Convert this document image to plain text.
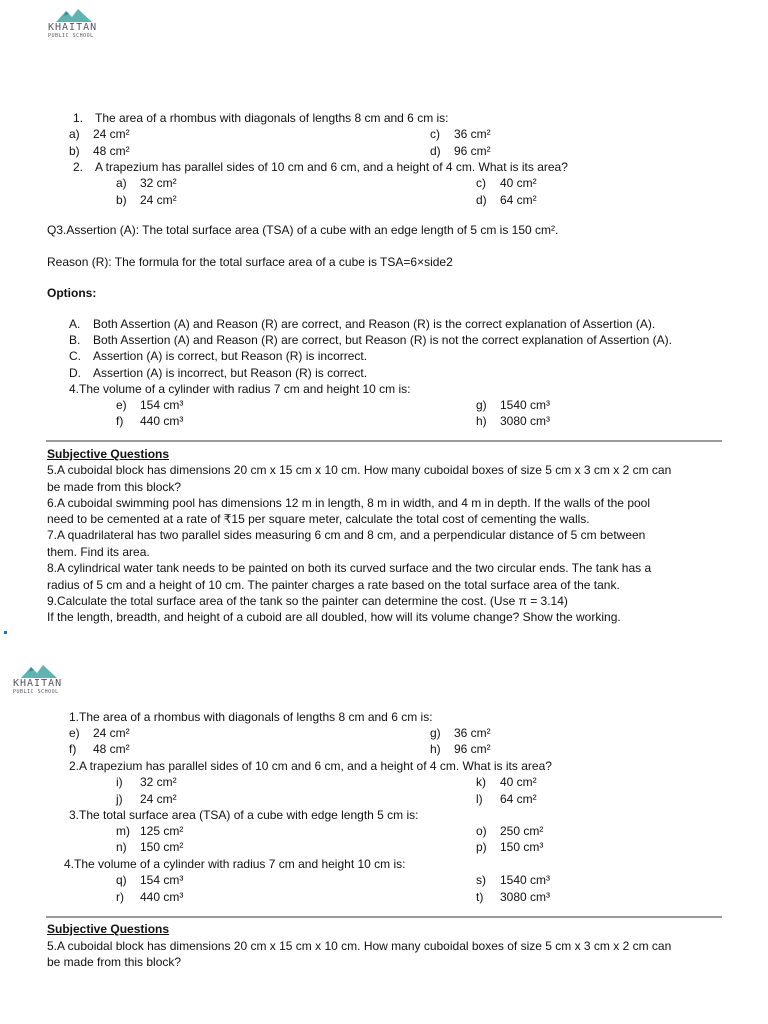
KHAITAN
PUBLIC SCHOOL
1. The area of a rhombus with diagonals of lengths 8 cm and 6 cm is:
a) 24 cm²	c) 36 cm²
b) 48 cm²	d) 96 cm²
2. A trapezium has parallel sides of 10 cm and 6 cm, and a height of 4 cm. What is its area?
a) 32 cm²	c) 40 cm²
b) 24 cm²	d) 64 cm²
Q3.Assertion (A): The total surface area (TSA) of a cube with an edge length of 5 cm is 150 cm².
Reason (R): The formula for the total surface area of a cube is TSA=6×side2
Options:
A. Both Assertion (A) and Reason (R) are correct, and Reason (R) is the correct explanation of Assertion (A).
B. Both Assertion (A) and Reason (R) are correct, but Reason (R) is not the correct explanation of Assertion (A).
C. Assertion (A) is correct, but Reason (R) is incorrect.
D. Assertion (A) is incorrect, but Reason (R) is correct.
4.The volume of a cylinder with radius 7 cm and height 10 cm is:
e) 154 cm³	g) 1540 cm³
f) 440 cm³	h) 3080 cm³
Subjective Questions
5.A cuboidal block has dimensions 20 cm x 15 cm x 10 cm. How many cuboidal boxes of size 5 cm x 3 cm x 2 cm can
be made from this block?
6.A cuboidal swimming pool has dimensions 12 m in length, 8 m in width, and 4 m in depth. If the walls of the pool
need to be cemented at a rate of ₹15 per square meter, calculate the total cost of cementing the walls.
7.A quadrilateral has two parallel sides measuring 6 cm and 8 cm, and a perpendicular distance of 5 cm between
them. Find its area.
8.A cylindrical water tank needs to be painted on both its curved surface and the two circular ends. The tank has a
radius of 5 cm and a height of 10 cm. The painter charges a rate based on the total surface area of the tank.
9.Calculate the total surface area of the tank so the painter can determine the cost. (Use π = 3.14)
If the length, breadth, and height of a cuboid are all doubled, how will its volume change? Show the working.
KHAITAN
PUBLIC SCHOOL
1.The area of a rhombus with diagonals of lengths 8 cm and 6 cm is:
e) 24 cm²	g) 36 cm²
f) 48 cm²	h) 96 cm²
2.A trapezium has parallel sides of 10 cm and 6 cm, and a height of 4 cm. What is its area?
i) 32 cm²	k) 40 cm²
j) 24 cm²	l) 64 cm²
3.The total surface area (TSA) of a cube with edge length 5 cm is:
m) 125 cm²	o) 250 cm²
n) 150 cm²	p) 150 cm³
4.The volume of a cylinder with radius 7 cm and height 10 cm is:
q) 154 cm³	s) 1540 cm³
r) 440 cm³	t) 3080 cm³
Subjective Questions
5.A cuboidal block has dimensions 20 cm x 15 cm x 10 cm. How many cuboidal boxes of size 5 cm x 3 cm x 2 cm can
be made from this block?
